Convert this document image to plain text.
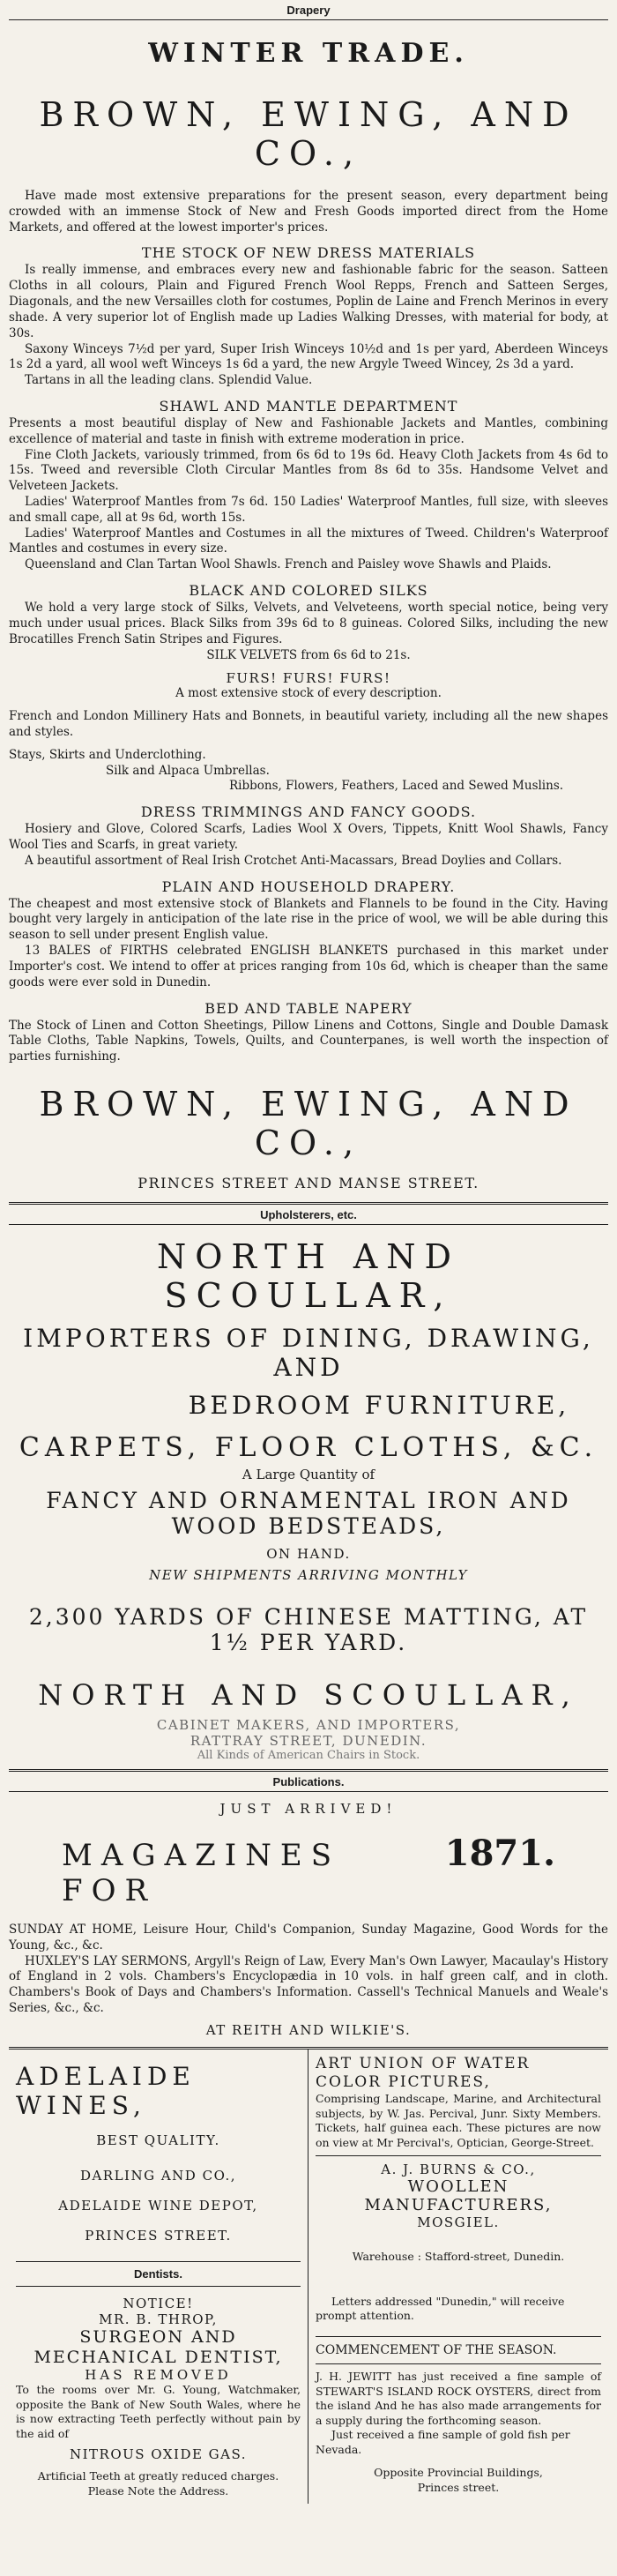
Drapery
WINTER TRADE.
BROWN, EWING, AND CO.,

Have made most extensive preparations for the present season, every department being crowded with an immense Stock of New and Fresh Goods imported direct from the Home Markets, and offered at the lowest importer's prices.

THE STOCK OF NEW DRESS MATERIALS

Is really immense, and embraces every new and fashionable fabric for the season. Satteen Cloths in all colours, Plain and Figured French Wool Repps, French and Satteen Serges, Diagonals, and the new Versailles cloth for costumes, Poplin de Laine and French Merinos in every shade. A very superior lot of English made up Ladies Walking Dresses, with material for body, at 30s.

Saxony Winceys 7½d per yard, Super Irish Winceys 10½d and 1s per yard, Aberdeen Winceys 1s 2d a yard, all wool weft Winceys 1s 6d a yard, the new Argyle Tweed Wincey, 2s 3d a yard.

Tartans in all the leading clans. Splendid Value.

SHAWL AND MANTLE DEPARTMENT

Presents a most beautiful display of New and Fashionable Jackets and Mantles, combining excellence of material and taste in finish with extreme moderation in price.

Fine Cloth Jackets, variously trimmed, from 6s 6d to 19s 6d. Heavy Cloth Jackets from 4s 6d to 15s. Tweed and reversible Cloth Circular Mantles from 8s 6d to 35s. Handsome Velvet and Velveteen Jackets.

Ladies' Waterproof Mantles from 7s 6d. 150 Ladies' Waterproof Mantles, full size, with sleeves and small cape, all at 9s 6d, worth 15s.

Ladies' Waterproof Mantles and Costumes in all the mixtures of Tweed. Children's Waterproof Mantles and costumes in every size.

Queensland and Clan Tartan Wool Shawls. French and Paisley wove Shawls and Plaids.

BLACK AND COLORED SILKS

We hold a very large stock of Silks, Velvets, and Velveteens, worth special notice, being very much under usual prices. Black Silks from 39s 6d to 8 guineas. Colored Silks, including the new Brocatilles French Satin Stripes and Figures.

SILK VELVETS from 6s 6d to 21s.

FURS! FURS! FURS!

A most extensive stock of every description.

French and London Millinery Hats and Bonnets, in beautiful variety, including all the new shapes and styles.

Stays, Skirts and Underclothing.

Silk and Alpaca Umbrellas.

Ribbons, Flowers, Feathers, Laced and Sewed Muslins.

DRESS TRIMMINGS AND FANCY GOODS.

Hosiery and Glove, Colored Scarfs, Ladies Wool X Overs, Tippets, Knitt Wool Shawls, Fancy Wool Ties and Scarfs, in great variety.

A beautiful assortment of Real Irish Crotchet Anti-Macassars, Bread Doylies and Collars.

PLAIN AND HOUSEHOLD DRAPERY.

The cheapest and most extensive stock of Blankets and Flannels to be found in the City. Having bought very largely in anticipation of the late rise in the price of wool, we will be able during this season to sell under present English value.

13 BALES of FIRTHS celebrated ENGLISH BLANKETS purchased in this market under Importer's cost. We intend to offer at prices ranging from 10s 6d, which is cheaper than the same goods were ever sold in Dunedin.

BED AND TABLE NAPERY

The Stock of Linen and Cotton Sheetings, Pillow Linens and Cottons, Single and Double Damask Table Cloths, Table Napkins, Towels, Quilts, and Counterpanes, is well worth the inspection of parties furnishing.

BROWN, EWING, AND CO.,
PRINCES STREET AND MANSE STREET.
Upholsterers, etc.
NORTH AND SCOULLAR,
IMPORTERS OF DINING, DRAWING, AND
BEDROOM FURNITURE,
CARPETS, FLOOR CLOTHS, &C.
A Large Quantity of
FANCY AND ORNAMENTAL IRON AND WOOD BEDSTEADS,
ON HAND.
NEW SHIPMENTS ARRIVING MONTHLY
2,300 YARDS OF CHINESE MATTING, AT 1½ PER YARD.
NORTH AND SCOULLAR,
CABINET MAKERS, AND IMPORTERS,
RATTRAY STREET, DUNEDIN.
All Kinds of American Chairs in Stock.
Publications.
JUST ARRIVED!
MAGAZINES FOR
1871.

SUNDAY AT HOME, Leisure Hour, Child's Companion, Sunday Magazine, Good Words for the Young, &c., &c.

HUXLEY'S LAY SERMONS, Argyll's Reign of Law, Every Man's Own Lawyer, Macaulay's History of England in 2 vols. Chambers's Encyclopædia in 10 vols. in half green calf, and in cloth. Chambers's Book of Days and Chambers's Information. Cassell's Technical Manuels and Weale's Series, &c., &c.

AT REITH AND WILKIE'S.
ADELAIDE WINES,
BEST QUALITY.
DARLING AND CO.,
ADELAIDE WINE DEPOT,
PRINCES STREET.
Dentists.
NOTICE!
MR. B. THROP,
SURGEON AND MECHANICAL DENTIST,
HAS REMOVED

To the rooms over Mr. G. Young, Watchmaker, opposite the Bank of New South Wales, where he is now extracting Teeth perfectly without pain by the aid of

NITROUS OXIDE GAS.

Artificial Teeth at greatly reduced charges.

Please Note the Address.

ART UNION OF WATER COLOR PICTURES,

Comprising Landscape, Marine, and Architectural subjects, by W. Jas. Percival, Junr. Sixty Members. Tickets, half guinea each. These pictures are now on view at Mr Percival's, Optician, George-Street.

A. J. BURNS & CO.,
WOOLLEN MANUFACTURERS,
MOSGIEL.

Warehouse : Stafford-street, Dunedin.

Letters addressed "Dunedin," will receive prompt attention.

COMMENCEMENT OF THE SEASON.

J. H. JEWITT has just received a fine sample of STEWART'S ISLAND ROCK OYSTERS, direct from the island And he has also made arrangements for a supply during the forthcoming season.

Just received a fine sample of gold fish per Nevada.

Opposite Provincial Buildings,

Princes street.
